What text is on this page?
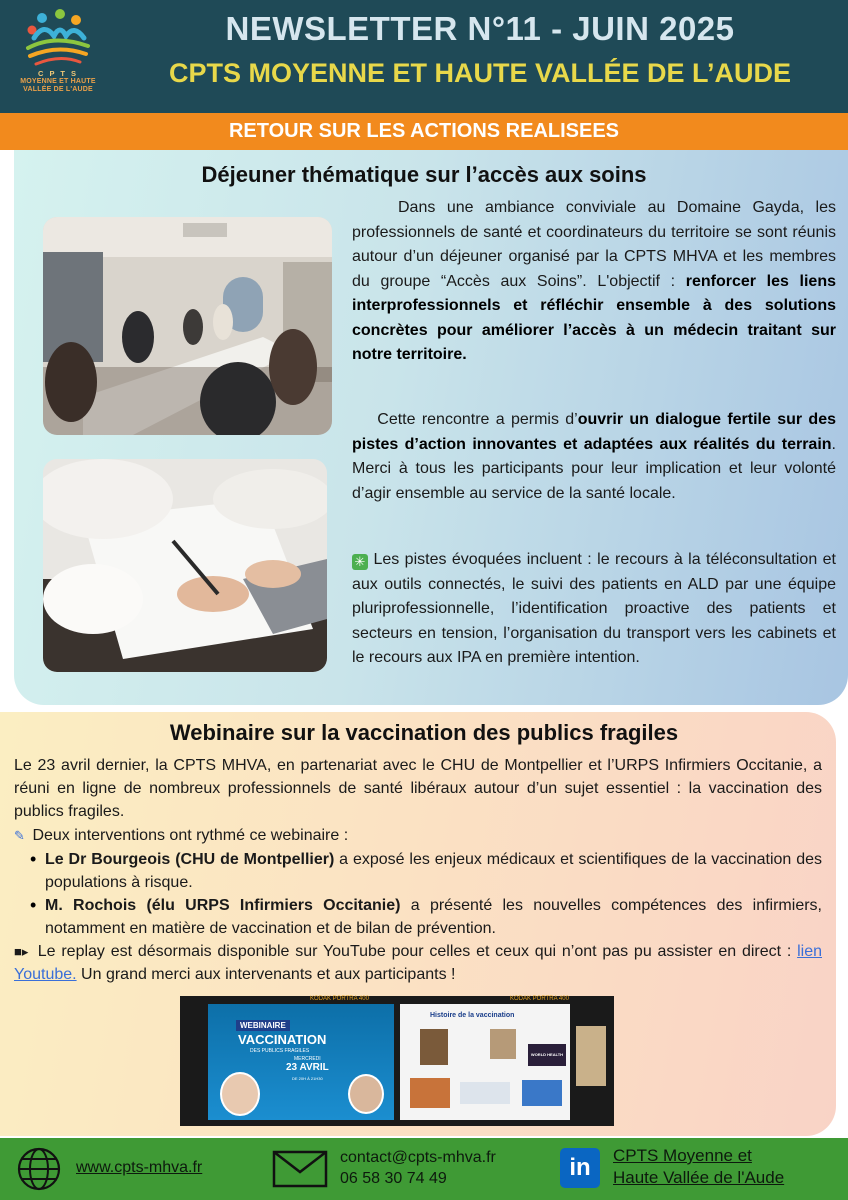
C P T S
MOYENNE ET HAUTE
VALLÉE DE L'AUDE
NEWSLETTER N°11 - JUIN 2025
CPTS MOYENNE ET HAUTE VALLÉE DE L’AUDE
RETOUR SUR LES ACTIONS REALISEES
Déjeuner thématique sur l’accès aux soins
Dans une ambiance conviviale au Domaine Gayda, les professionnels de santé et coordinateurs du territoire se sont réunis autour d’un déjeuner organisé par la CPTS MHVA et les membres du groupe “Accès aux Soins”. L'objectif : renforcer les liens interprofessionnels et réfléchir ensemble à des solutions concrètes pour améliorer l’accès à un médecin traitant sur notre territoire.
Cette rencontre a permis d’ouvrir un dialogue fertile sur des pistes d’action innovantes et adaptées aux réalités du terrain. Merci à tous les participants pour leur implication et leur volonté d’agir ensemble au service de la santé locale.
✳ Les pistes évoquées incluent : le recours à la téléconsultation et aux outils connectés, le suivi des patients en ALD par une équipe pluriprofessionnelle, l’identification proactive des patients et secteurs en tension, l’organisation du transport vers les cabinets et le recours aux IPA en première intention.
Webinaire sur la vaccination des publics fragiles
Le 23 avril dernier, la CPTS MHVA, en partenariat avec le CHU de Montpellier et l’URPS Infirmiers Occitanie, a réuni en ligne de nombreux professionnels de santé libéraux autour d’un sujet essentiel : la vaccination des publics fragiles.
✎ Deux interventions ont rythmé ce webinaire :
• Le Dr Bourgeois (CHU de Montpellier) a exposé les enjeux médicaux et scientifiques de la vaccination des populations à risque.
• M. Rochois (élu URPS Infirmiers Occitanie) a présenté les nouvelles compétences des infirmiers, notamment en matière de vaccination et de bilan de prévention.
■▸ Le replay est désormais disponible sur YouTube pour celles et ceux qui n’ont pas pu assister en direct : lien Youtube. Un grand merci aux intervenants et aux participants !
KODAK PORTRA 400	KODAK PORTRA 400
WEBINAIRE
VACCINATION
DES PUBLICS FRAGILES
MERCREDI
23 AVRIL
DE 20H À 21H30
Histoire de la vaccination
WORLD HEALTH
www.cpts-mhva.fr
contact@cpts-mhva.fr
06 58 30 74 49	in	CPTS Moyenne et
Haute Vallée de l'Aude
